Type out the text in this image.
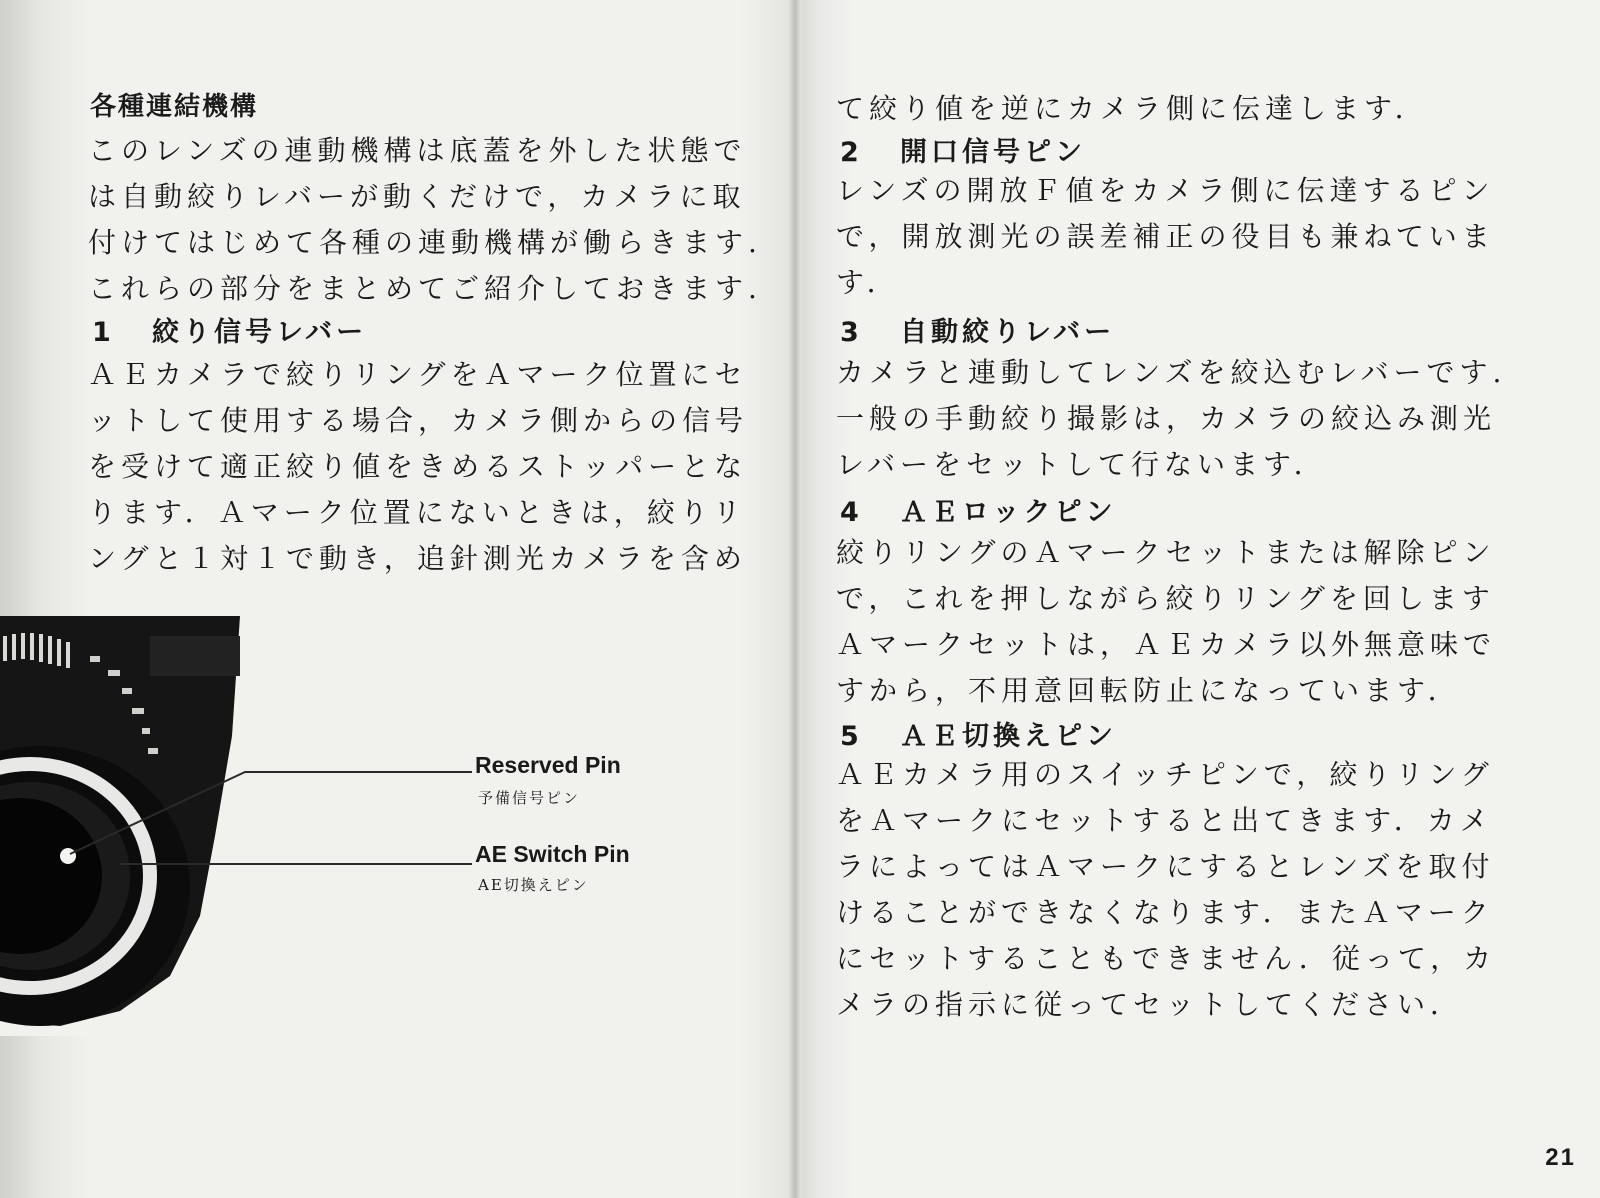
各種連結機構

このレンズの連動機構は底蓋を外した状態で

は自動絞りレバーが動くだけで，カメラに取

付けてはじめて各種の連動機構が働らきます.

これらの部分をまとめてご紹介しておきます.

1 絞り信号レバー

ＡＥカメラで絞りリングをＡマーク位置にセ

ットして使用する場合，カメラ側からの信号

を受けて適正絞り値をきめるストッパーとな

ります．Ａマーク位置にないときは，絞りリ

ングと１対１で動き，追針測光カメラを含め

Reserved Pin
予備信号ピン
AE Switch Pin
AE切換えピン

て絞り値を逆にカメラ側に伝達します．

2 開口信号ピン

レンズの開放Ｆ値をカメラ側に伝達するピン

で，開放測光の誤差補正の役目も兼ねていま

す．

3 自動絞りレバー

カメラと連動してレンズを絞込むレバーです.

一般の手動絞り撮影は，カメラの絞込み測光

レバーをセットして行ないます．

4 ＡＥロックピン

絞りリングのＡマークセットまたは解除ピン

で，これを押しながら絞りリングを回します

Ａマークセットは，ＡＥカメラ以外無意味で

すから，不用意回転防止になっています．

5 ＡＥ切換えピン

ＡＥカメラ用のスイッチピンで，絞りリング

をＡマークにセットすると出てきます．カメ

ラによってはＡマークにするとレンズを取付

けることができなくなります．またＡマーク

にセットすることもできません．従って，カ

メラの指示に従ってセットしてください．

21
